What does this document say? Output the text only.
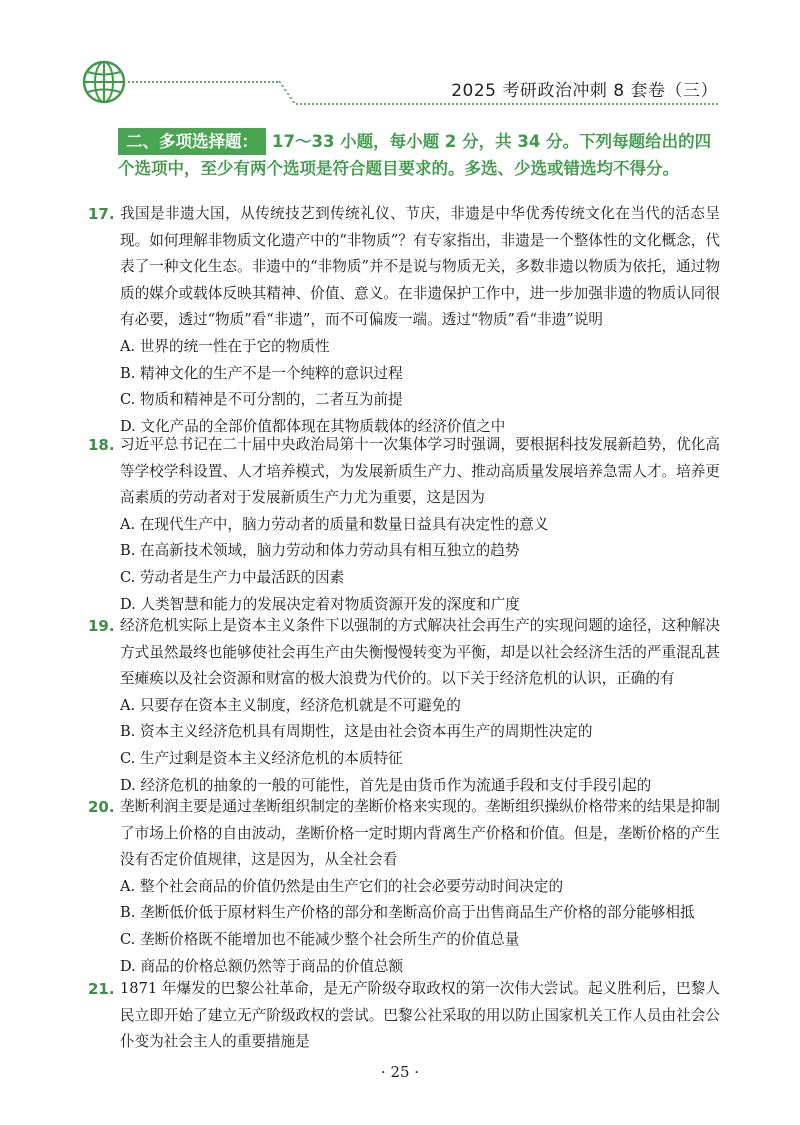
2025 考研政治冲刺 8 套卷（三）
二、多项选择题： 17～33 小题，每小题 2 分，共 34 分。下列每题给出的四
个选项中，至少有两个选项是符合题目要求的。多选、少选或错选均不得分。
17. 我国是非遗大国，从传统技艺到传统礼仪、节庆，非遗是中华优秀传统文化在当代的活态呈现。如何理解非物质文化遗产中的“非物质”？有专家指出，非遗是一个整体性的文化概念，代表了一种文化生态。非遗中的“非物质”并不是说与物质无关，多数非遗以物质为依托，通过物质的媒介或载体反映其精神、价值、意义。在非遗保护工作中，进一步加强非遗的物质认同很有必要，透过“物质”看“非遗”，而不可偏废一端。透过“物质”看“非遗”说明
A. 世界的统一性在于它的物质性
B. 精神文化的生产不是一个纯粹的意识过程
C. 物质和精神是不可分割的，二者互为前提
D. 文化产品的全部价值都体现在其物质载体的经济价值之中
18. 习近平总书记在二十届中央政治局第十一次集体学习时强调，要根据科技发展新趋势，优化高等学校学科设置、人才培养模式，为发展新质生产力、推动高质量发展培养急需人才。培养更高素质的劳动者对于发展新质生产力尤为重要，这是因为
A. 在现代生产中，脑力劳动者的质量和数量日益具有决定性的意义
B. 在高新技术领域，脑力劳动和体力劳动具有相互独立的趋势
C. 劳动者是生产力中最活跃的因素
D. 人类智慧和能力的发展决定着对物质资源开发的深度和广度
19. 经济危机实际上是资本主义条件下以强制的方式解决社会再生产的实现问题的途径，这种解决方式虽然最终也能够使社会再生产由失衡慢慢转变为平衡，却是以社会经济生活的严重混乱甚至瘫痪以及社会资源和财富的极大浪费为代价的。以下关于经济危机的认识，正确的有
A. 只要存在资本主义制度，经济危机就是不可避免的
B. 资本主义经济危机具有周期性，这是由社会资本再生产的周期性决定的
C. 生产过剩是资本主义经济危机的本质特征
D. 经济危机的抽象的一般的可能性，首先是由货币作为流通手段和支付手段引起的
20. 垄断利润主要是通过垄断组织制定的垄断价格来实现的。垄断组织操纵价格带来的结果是抑制了市场上价格的自由波动，垄断价格一定时期内背离生产价格和价值。但是，垄断价格的产生没有否定价值规律，这是因为，从全社会看
A. 整个社会商品的价值仍然是由生产它们的社会必要劳动时间决定的
B. 垄断低价低于原材料生产价格的部分和垄断高价高于出售商品生产价格的部分能够相抵
C. 垄断价格既不能增加也不能减少整个社会所生产的价值总量
D. 商品的价格总额仍然等于商品的价值总额
21. 1871 年爆发的巴黎公社革命，是无产阶级夺取政权的第一次伟大尝试。起义胜利后，巴黎人民立即开始了建立无产阶级政权的尝试。巴黎公社采取的用以防止国家机关工作人员由社会公仆变为社会主人的重要措施是
· 25 ·
